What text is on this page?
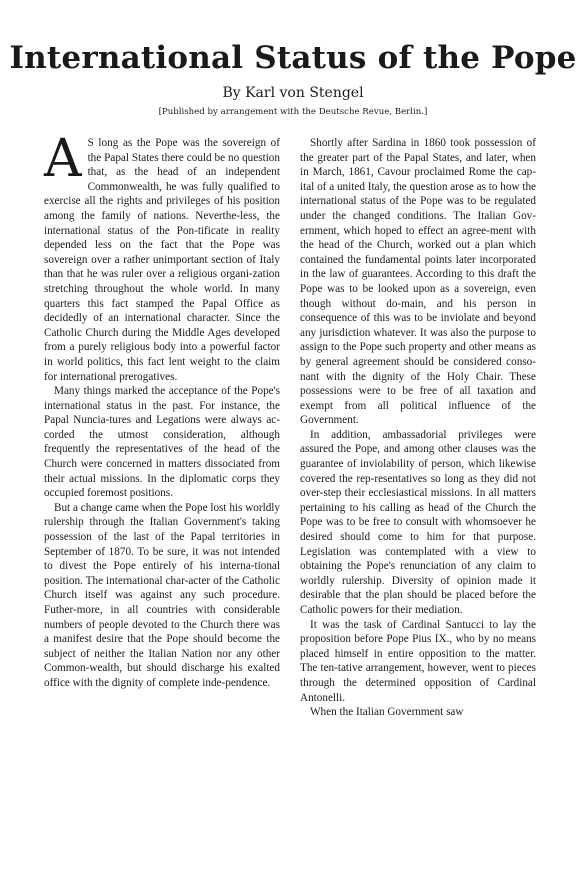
International Status of the Pope
By Karl von Stengel
[Published by arrangement with the Deutsche Revue, Berlin.]

A S long as the Pope was the sovereign of the Papal States there could be no question that, as the head of an independent Commonwealth, he was fully qualified to exercise all the rights and privileges of his position among the family of nations. Neverthe-less, the international status of the Pon-tificate in reality depended less on the fact that the Pope was sovereign over a rather unimportant section of Italy than that he was ruler over a religious organi-zation stretching throughout the whole world. In many quarters this fact stamped the Papal Office as decidedly of an international character. Since the Catholic Church during the Middle Ages developed from a purely religious body into a powerful factor in world politics, this fact lent weight to the claim for international prerogatives.

Many things marked the acceptance of the Pope's international status in the past. For instance, the Papal Nuncia-tures and Legations were always ac-corded the utmost consideration, although frequently the representatives of the head of the Church were concerned in matters dissociated from their actual missions. In the diplomatic corps they occupied foremost positions.

But a change came when the Pope lost his worldly rulership through the Italian Government's taking possession of the last of the Papal territories in September of 1870. To be sure, it was not intended to divest the Pope entirely of his interna-tional position. The international char-acter of the Catholic Church itself was against any such procedure. Futher-more, in all countries with considerable numbers of people devoted to the Church there was a manifest desire that the Pope should become the subject of neither the Italian Nation nor any other Common-wealth, but should discharge his exalted office with the dignity of complete inde-pendence.

Shortly after Sardina in 1860 took possession of the greater part of the Papal States, and later, when in March, 1861, Cavour proclaimed Rome the cap-ital of a united Italy, the question arose as to how the international status of the Pope was to be regulated under the changed conditions. The Italian Gov-ernment, which hoped to effect an agree-ment with the head of the Church, worked out a plan which contained the fundamental points later incorporated in the law of guarantees. According to this draft the Pope was to be looked upon as a sovereign, even though without do-main, and his person in consequence of this was to be inviolate and beyond any jurisdiction whatever. It was also the purpose to assign to the Pope such property and other means as by general agreement should be considered conso-nant with the dignity of the Holy Chair. These possessions were to be free of all taxation and exempt from all political influence of the Government.

In addition, ambassadorial privileges were assured the Pope, and among other clauses was the guarantee of inviolability of person, which likewise covered the rep-resentatives so long as they did not over-step their ecclesiastical missions. In all matters pertaining to his calling as head of the Church the Pope was to be free to consult with whomsoever he desired should come to him for that purpose. Legislation was contemplated with a view to obtaining the Pope's renunciation of any claim to worldly rulership. Diversity of opinion made it desirable that the plan should be placed before the Catholic powers for their mediation.

It was the task of Cardinal Santucci to lay the proposition before Pope Pius IX., who by no means placed himself in entire opposition to the matter. The ten-tative arrangement, however, went to pieces through the determined opposition of Cardinal Antonelli.

When the Italian Government saw
